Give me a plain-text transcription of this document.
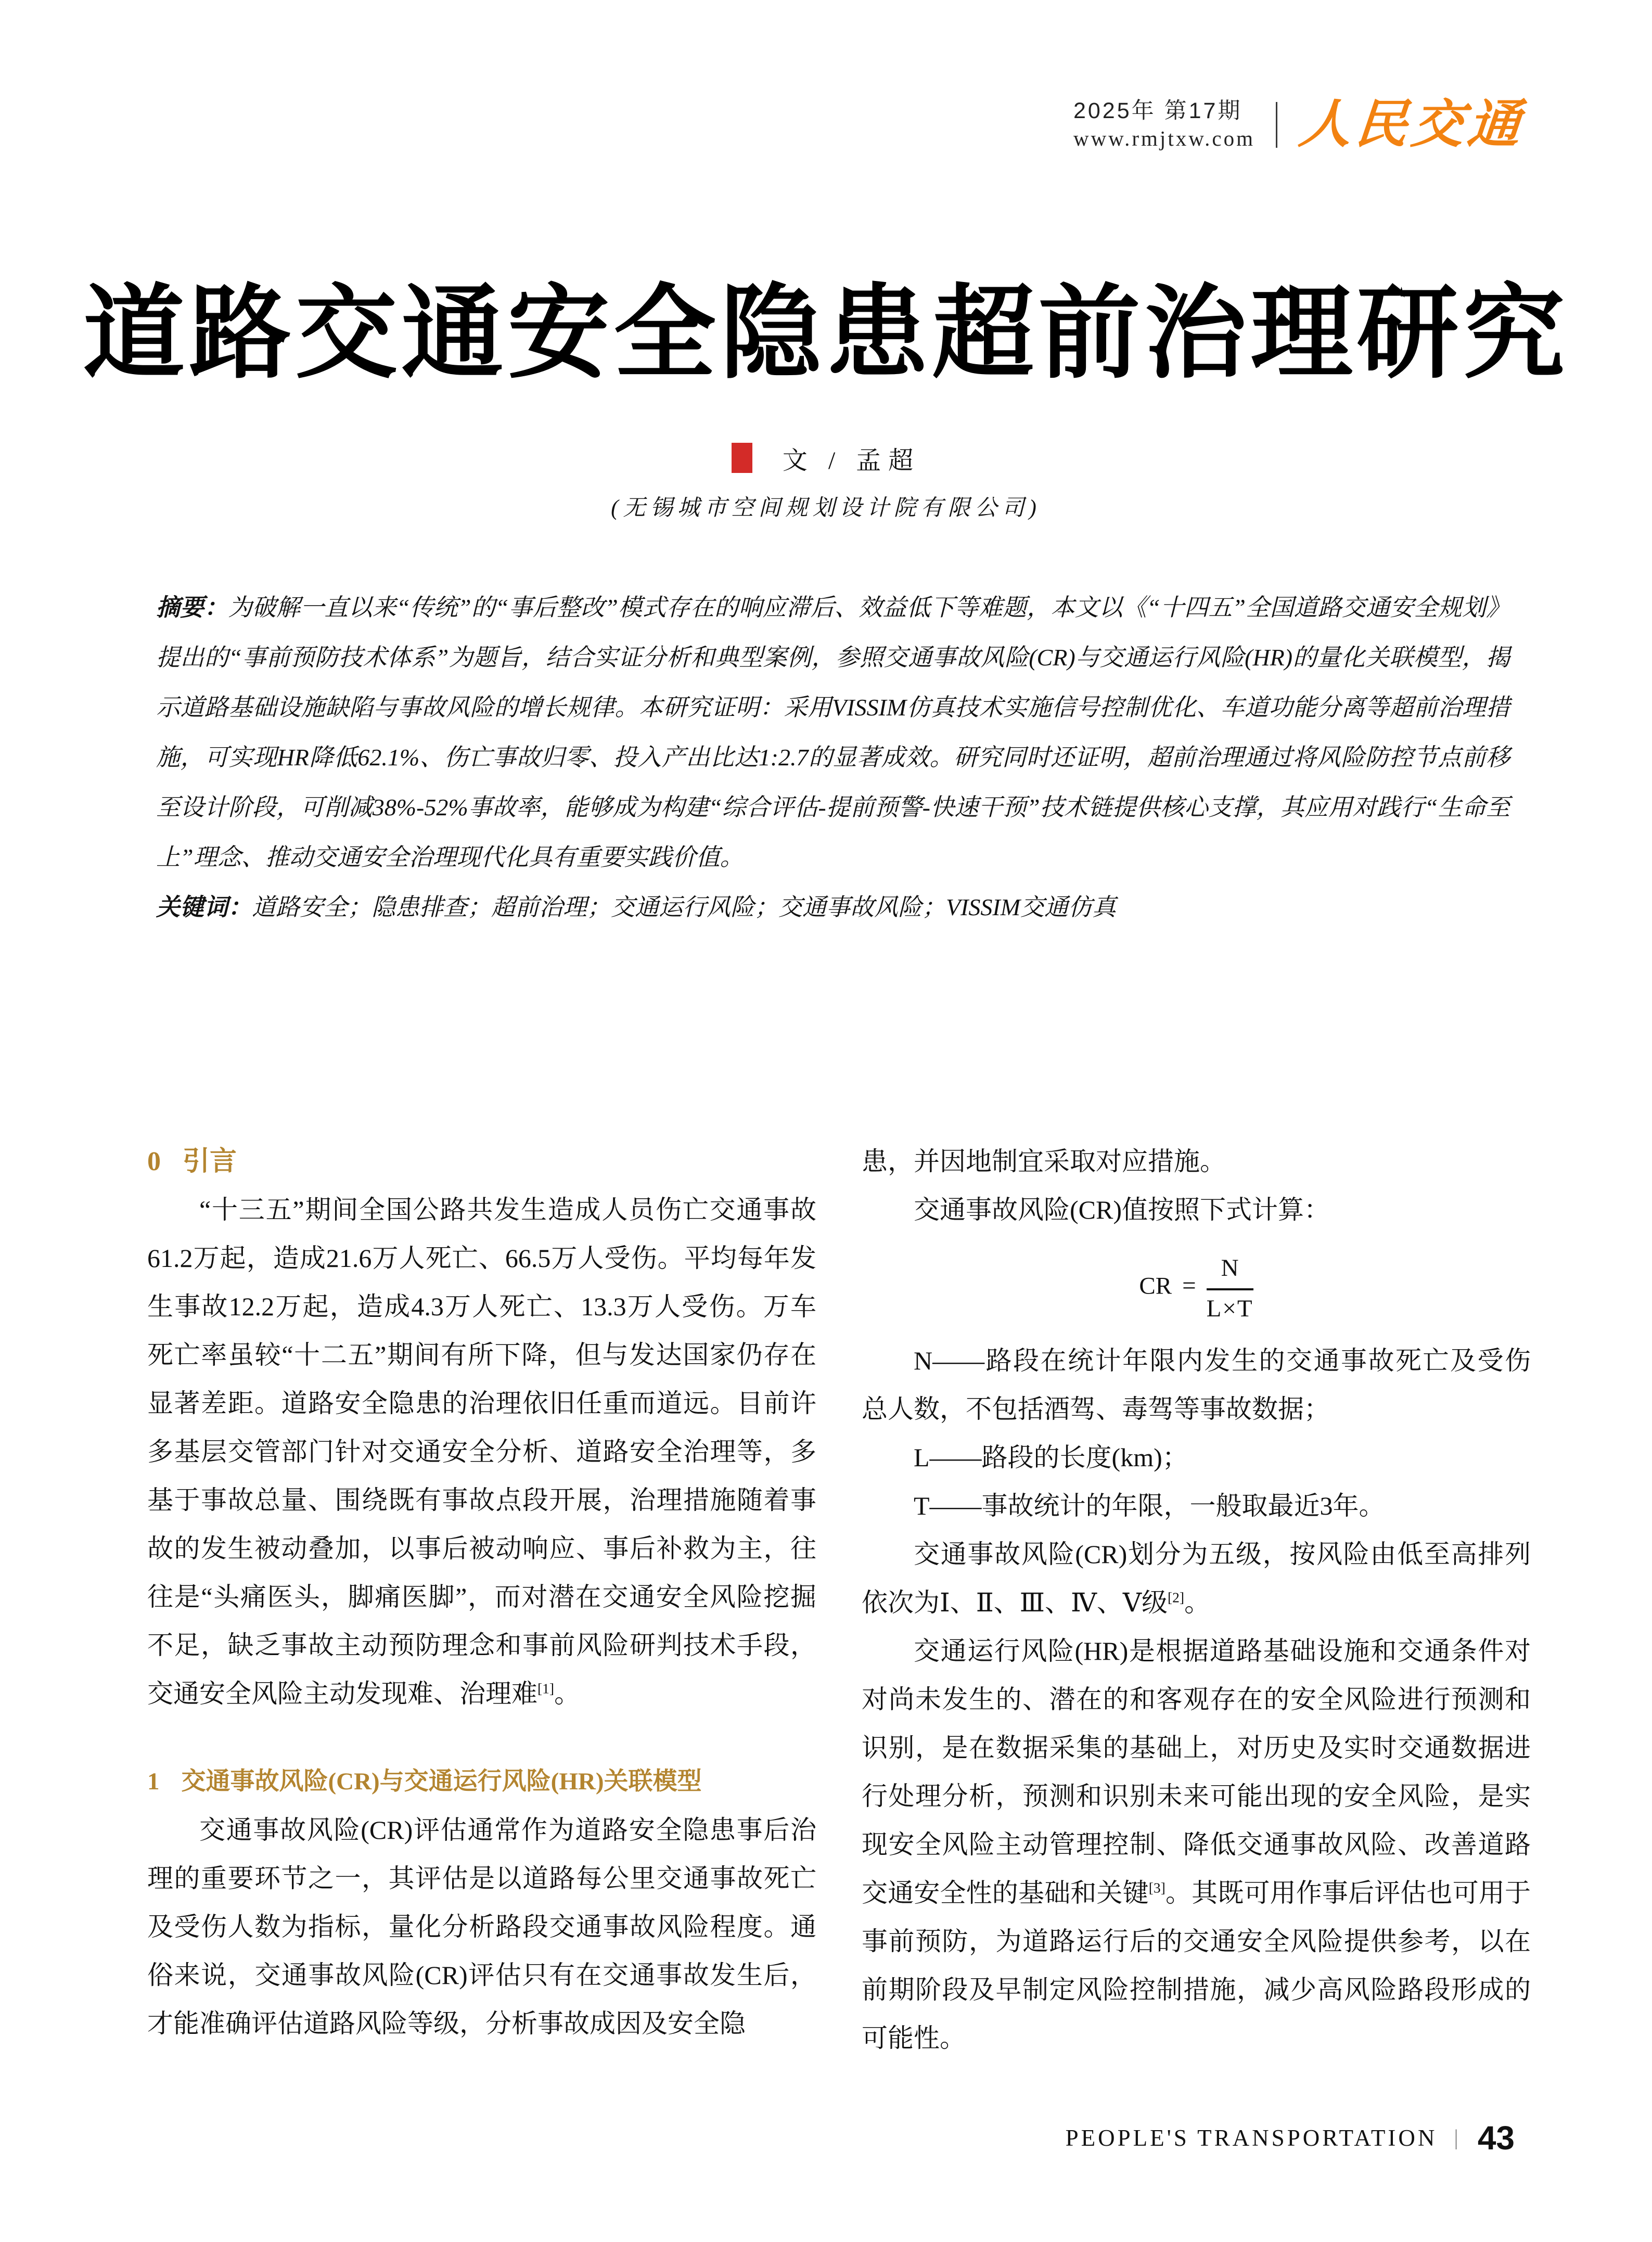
2025年 第17期
www.rmjtxw.com 人民交通
道路交通安全隐患超前治理研究
文 / 孟超
(无锡城市空间规划设计院有限公司)

摘要：为破解一直以来“传统”的“事后整改”模式存在的响应滞后、效益低下等难题，本文以《“十四五”全国道路交通安全规划》提出的“事前预防技术体系”为题旨，结合实证分析和典型案例，参照交通事故风险(CR)与交通运行风险(HR)的量化关联模型，揭示道路基础设施缺陷与事故风险的增长规律。本研究证明：采用VISSIM仿真技术实施信号控制优化、车道功能分离等超前治理措施，可实现HR降低62.1%、伤亡事故归零、投入产出比达1:2.7的显著成效。研究同时还证明，超前治理通过将风险防控节点前移至设计阶段，可削减38%-52%事故率，能够成为构建“综合评估-提前预警-快速干预”技术链提供核心支撑，其应用对践行“生命至上”理念、推动交通安全治理现代化具有重要实践价值。

关键词：道路安全；隐患排查；超前治理；交通运行风险；交通事故风险；VISSIM交通仿真

0 引言

“十三五”期间全国公路共发生造成人员伤亡交通事故61.2万起，造成21.6万人死亡、66.5万人受伤。平均每年发生事故12.2万起，造成4.3万人死亡、13.3万人受伤。万车死亡率虽较“十二五”期间有所下降，但与发达国家仍存在显著差距。道路安全隐患的治理依旧任重而道远。目前许多基层交管部门针对交通安全分析、道路安全治理等，多基于事故总量、围绕既有事故点段开展，治理措施随着事故的发生被动叠加，以事后被动响应、事后补救为主，往往是“头痛医头，脚痛医脚”，而对潜在交通安全风险挖掘不足，缺乏事故主动预防理念和事前风险研判技术手段，交通安全风险主动发现难、治理难[1]。

1 交通事故风险(CR)与交通运行风险(HR)关联模型

交通事故风险(CR)评估通常作为道路安全隐患事后治理的重要环节之一，其评估是以道路每公里交通事故死亡及受伤人数为指标，量化分析路段交通事故风险程度。通俗来说，交通事故风险(CR)评估只有在交通事故发生后，才能准确评估道路风险等级，分析事故成因及安全隐

患，并因地制宜采取对应措施。

交通事故风险(CR)值按照下式计算：

CR = $\frac{N}{L\times T}$

N——路段在统计年限内发生的交通事故死亡及受伤总人数，不包括酒驾、毒驾等事故数据；

L——路段的长度(km)；

T——事故统计的年限，一般取最近3年。

交通事故风险(CR)划分为五级，按风险由低至高排列依次为Ⅰ、Ⅱ、Ⅲ、Ⅳ、Ⅴ级[2]。

交通运行风险(HR)是根据道路基础设施和交通条件对对尚未发生的、潜在的和客观存在的安全风险进行预测和识别，是在数据采集的基础上，对历史及实时交通数据进行处理分析，预测和识别未来可能出现的安全风险，是实现安全风险主动管理控制、降低交通事故风险、改善道路交通安全性的基础和关键[3]。其既可用作事后评估也可用于事前预防，为道路运行后的交通安全风险提供参考，以在前期阶段及早制定风险控制措施，减少高风险路段形成的可能性。

PEOPLE'S TRANSPORTATION | 43
